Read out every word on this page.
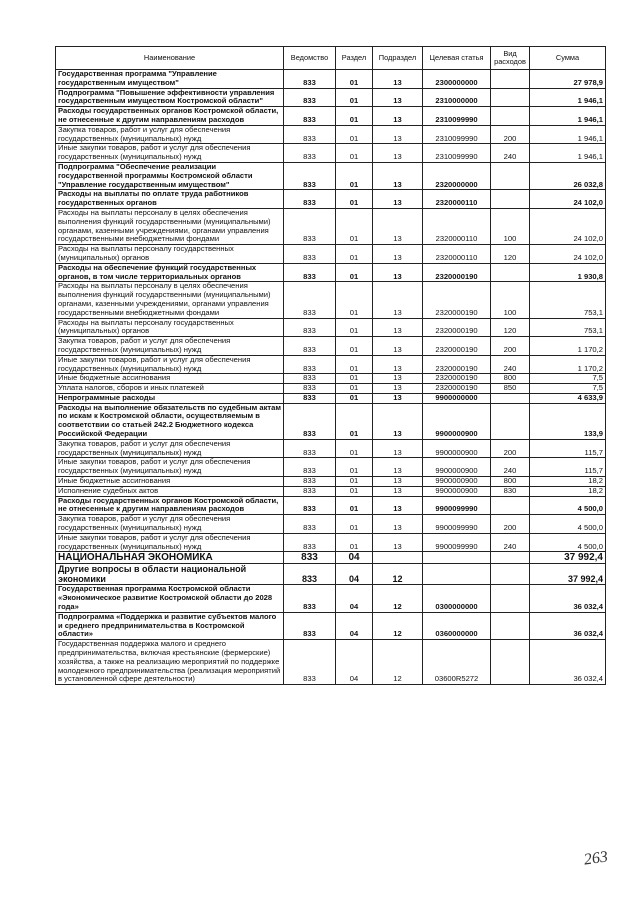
Наименование	Ведомство	Раздел	Подраздел	Целевая статья	Вид расходов	Сумма
Государственная программа "Управление государственным имуществом"	833	01	13	2300000000		27 978,9
Подпрограмма "Повышение эффективности управления государственным имуществом Костромской области"	833	01	13	2310000000		1 946,1
Расходы государственных органов Костромской области, не отнесенные к другим направлениям расходов	833	01	13	2310099990		1 946,1
Закупка товаров, работ и услуг для обеспечения государственных (муниципальных) нужд	833	01	13	2310099990	200	1 946,1
Иные закупки товаров, работ и услуг для обеспечения государственных (муниципальных) нужд	833	01	13	2310099990	240	1 946,1
Подпрограмма "Обеспечение реализации государственной программы Костромской области "Управление государственным имуществом"	833	01	13	2320000000		26 032,8
Расходы на выплаты по оплате труда работников государственных органов	833	01	13	2320000110		24 102,0
Расходы на выплаты персоналу в целях обеспечения выполнения функций государственными (муниципальными) органами, казенными учреждениями, органами управления государственными внебюджетными фондами	833	01	13	2320000110	100	24 102,0
Расходы на выплаты персоналу государственных (муниципальных) органов	833	01	13	2320000110	120	24 102,0
Расходы на обеспечение функций государственных органов, в том числе территориальных органов	833	01	13	2320000190		1 930,8
Расходы на выплаты персоналу в целях обеспечения выполнения функций государственными (муниципальными) органами, казенными учреждениями, органами управления государственными внебюджетными фондами	833	01	13	2320000190	100	753,1
Расходы на выплаты персоналу государственных (муниципальных) органов	833	01	13	2320000190	120	753,1
Закупка товаров, работ и услуг для обеспечения государственных (муниципальных) нужд	833	01	13	2320000190	200	1 170,2
Иные закупки товаров, работ и услуг для обеспечения государственных (муниципальных) нужд	833	01	13	2320000190	240	1 170,2
Иные бюджетные ассигнования	833	01	13	2320000190	800	7,5
Уплата налогов, сборов и иных платежей	833	01	13	2320000190	850	7,5
Непрограммные расходы	833	01	13	9900000000		4 633,9
Расходы на выполнение обязательств по судебным актам по искам к Костромской области, осуществляемым в соответствии со статьей 242.2 Бюджетного кодекса Российской Федерации	833	01	13	9900000900		133,9
Закупка товаров, работ и услуг для обеспечения государственных (муниципальных) нужд	833	01	13	9900000900	200	115,7
Иные закупки товаров, работ и услуг для обеспечения государственных (муниципальных) нужд	833	01	13	9900000900	240	115,7
Иные бюджетные ассигнования	833	01	13	9900000900	800	18,2
Исполнение судебных актов	833	01	13	9900000900	830	18,2
Расходы государственных органов Костромской области, не отнесенные к другим направлениям расходов	833	01	13	9900099990		4 500,0
Закупка товаров, работ и услуг для обеспечения государственных (муниципальных) нужд	833	01	13	9900099990	200	4 500,0
Иные закупки товаров, работ и услуг для обеспечения государственных (муниципальных) нужд	833	01	13	9900099990	240	4 500,0
НАЦИОНАЛЬНАЯ ЭКОНОМИКА	833	04				37 992,4
Другие вопросы в области национальной экономики	833	04	12			37 992,4
Государственная программа Костромской области «Экономическое развитие Костромской области до 2028 года»	833	04	12	0300000000		36 032,4
Подпрограмма «Поддержка и развитие субъектов малого и среднего предпринимательства в Костромской области»	833	04	12	0360000000		36 032,4
Государственная поддержка малого и среднего предпринимательства, включая крестьянские (фермерские) хозяйства, а также на реализацию мероприятий по поддержке молодежного предпринимательства (реализация мероприятий в установленной сфере деятельности)	833	04	12	03600R5272		36 032,4
263
